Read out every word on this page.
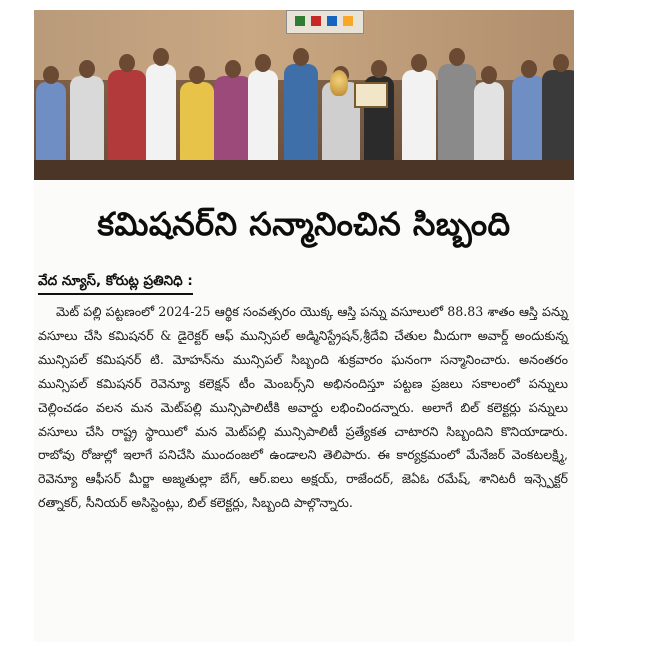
కమిషనర్‌ని సన్మానించిన సిబ్బంది
వేద న్యూస్, కోరుట్ల ప్రతినిధి :

మెట్ పల్లి పట్టణంలో 2024-25 ఆర్థిక సంవత్సరం యొక్క ఆస్తి పన్ను వసూలులో 88.83 శాతం ఆస్తి పన్ను వసూలు చేసి కమిషనర్ & డైరెక్టర్ ఆఫ్ మున్సిపల్ అడ్మినిస్ట్రేషన్,శ్రీదేవి చేతుల మీదుగా అవార్డ్ అందుకున్న మున్సిపల్ కమిషనర్ టి. మోహన్‌ను మున్సిపల్ సిబ్బంది శుక్రవారం ఘనంగా సన్మానించారు. అనంతరం మున్సిపల్ కమిషనర్ రెవెన్యూ కలెక్షన్ టీం మెంబర్స్‌ని అభినందిస్తూ పట్టణ ప్రజలు సకాలంలో పన్నులు చెల్లించడం వలన మన మెట్‌పల్లి మున్సిపాలిటీకి అవార్డు లభించిందన్నారు. అలాగే బిల్ కలెక్టర్లు పన్నులు వసూలు చేసి రాష్ట్ర స్థాయిలో మన మెట్‌పల్లి మున్సిపాలిటీ ప్రత్యేకత చాటారని సిబ్బందిని కొనియాడారు. రాబోవు రోజుల్లో ఇలాగే పనిచేసి ముందంజలో ఉండాలని తెలిపారు. ఈ కార్యక్రమంలో మేనేజర్ వెంకటలక్ష్మి, రెవెన్యూ ఆఫీసర్ మీర్జా అజ్మతుల్లా బేగ్, ఆర్.ఐలు అక్షయ్, రాజేందర్, జెఏఓ రమేష్, శానిటరీ ఇన్స్పెక్టర్ రత్నాకర్, సీనియర్ అసిస్టెంట్లు, బిల్ కలెక్టర్లు, సిబ్బంది పాల్గొన్నారు.
